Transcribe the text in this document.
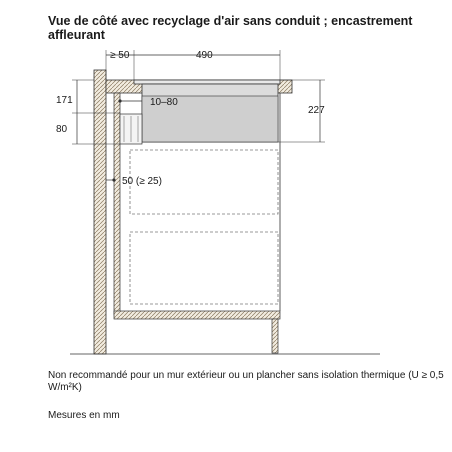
Vue de côté avec recyclage d'air sans conduit ; encastrement affleurant
≥ 50	490
171
80
10–80
227
50 (≥ 25)
Non recommandé pour un mur extérieur ou un plancher sans isolation thermique (U ≥ 0,5 W/m²K)
Mesures en mm
